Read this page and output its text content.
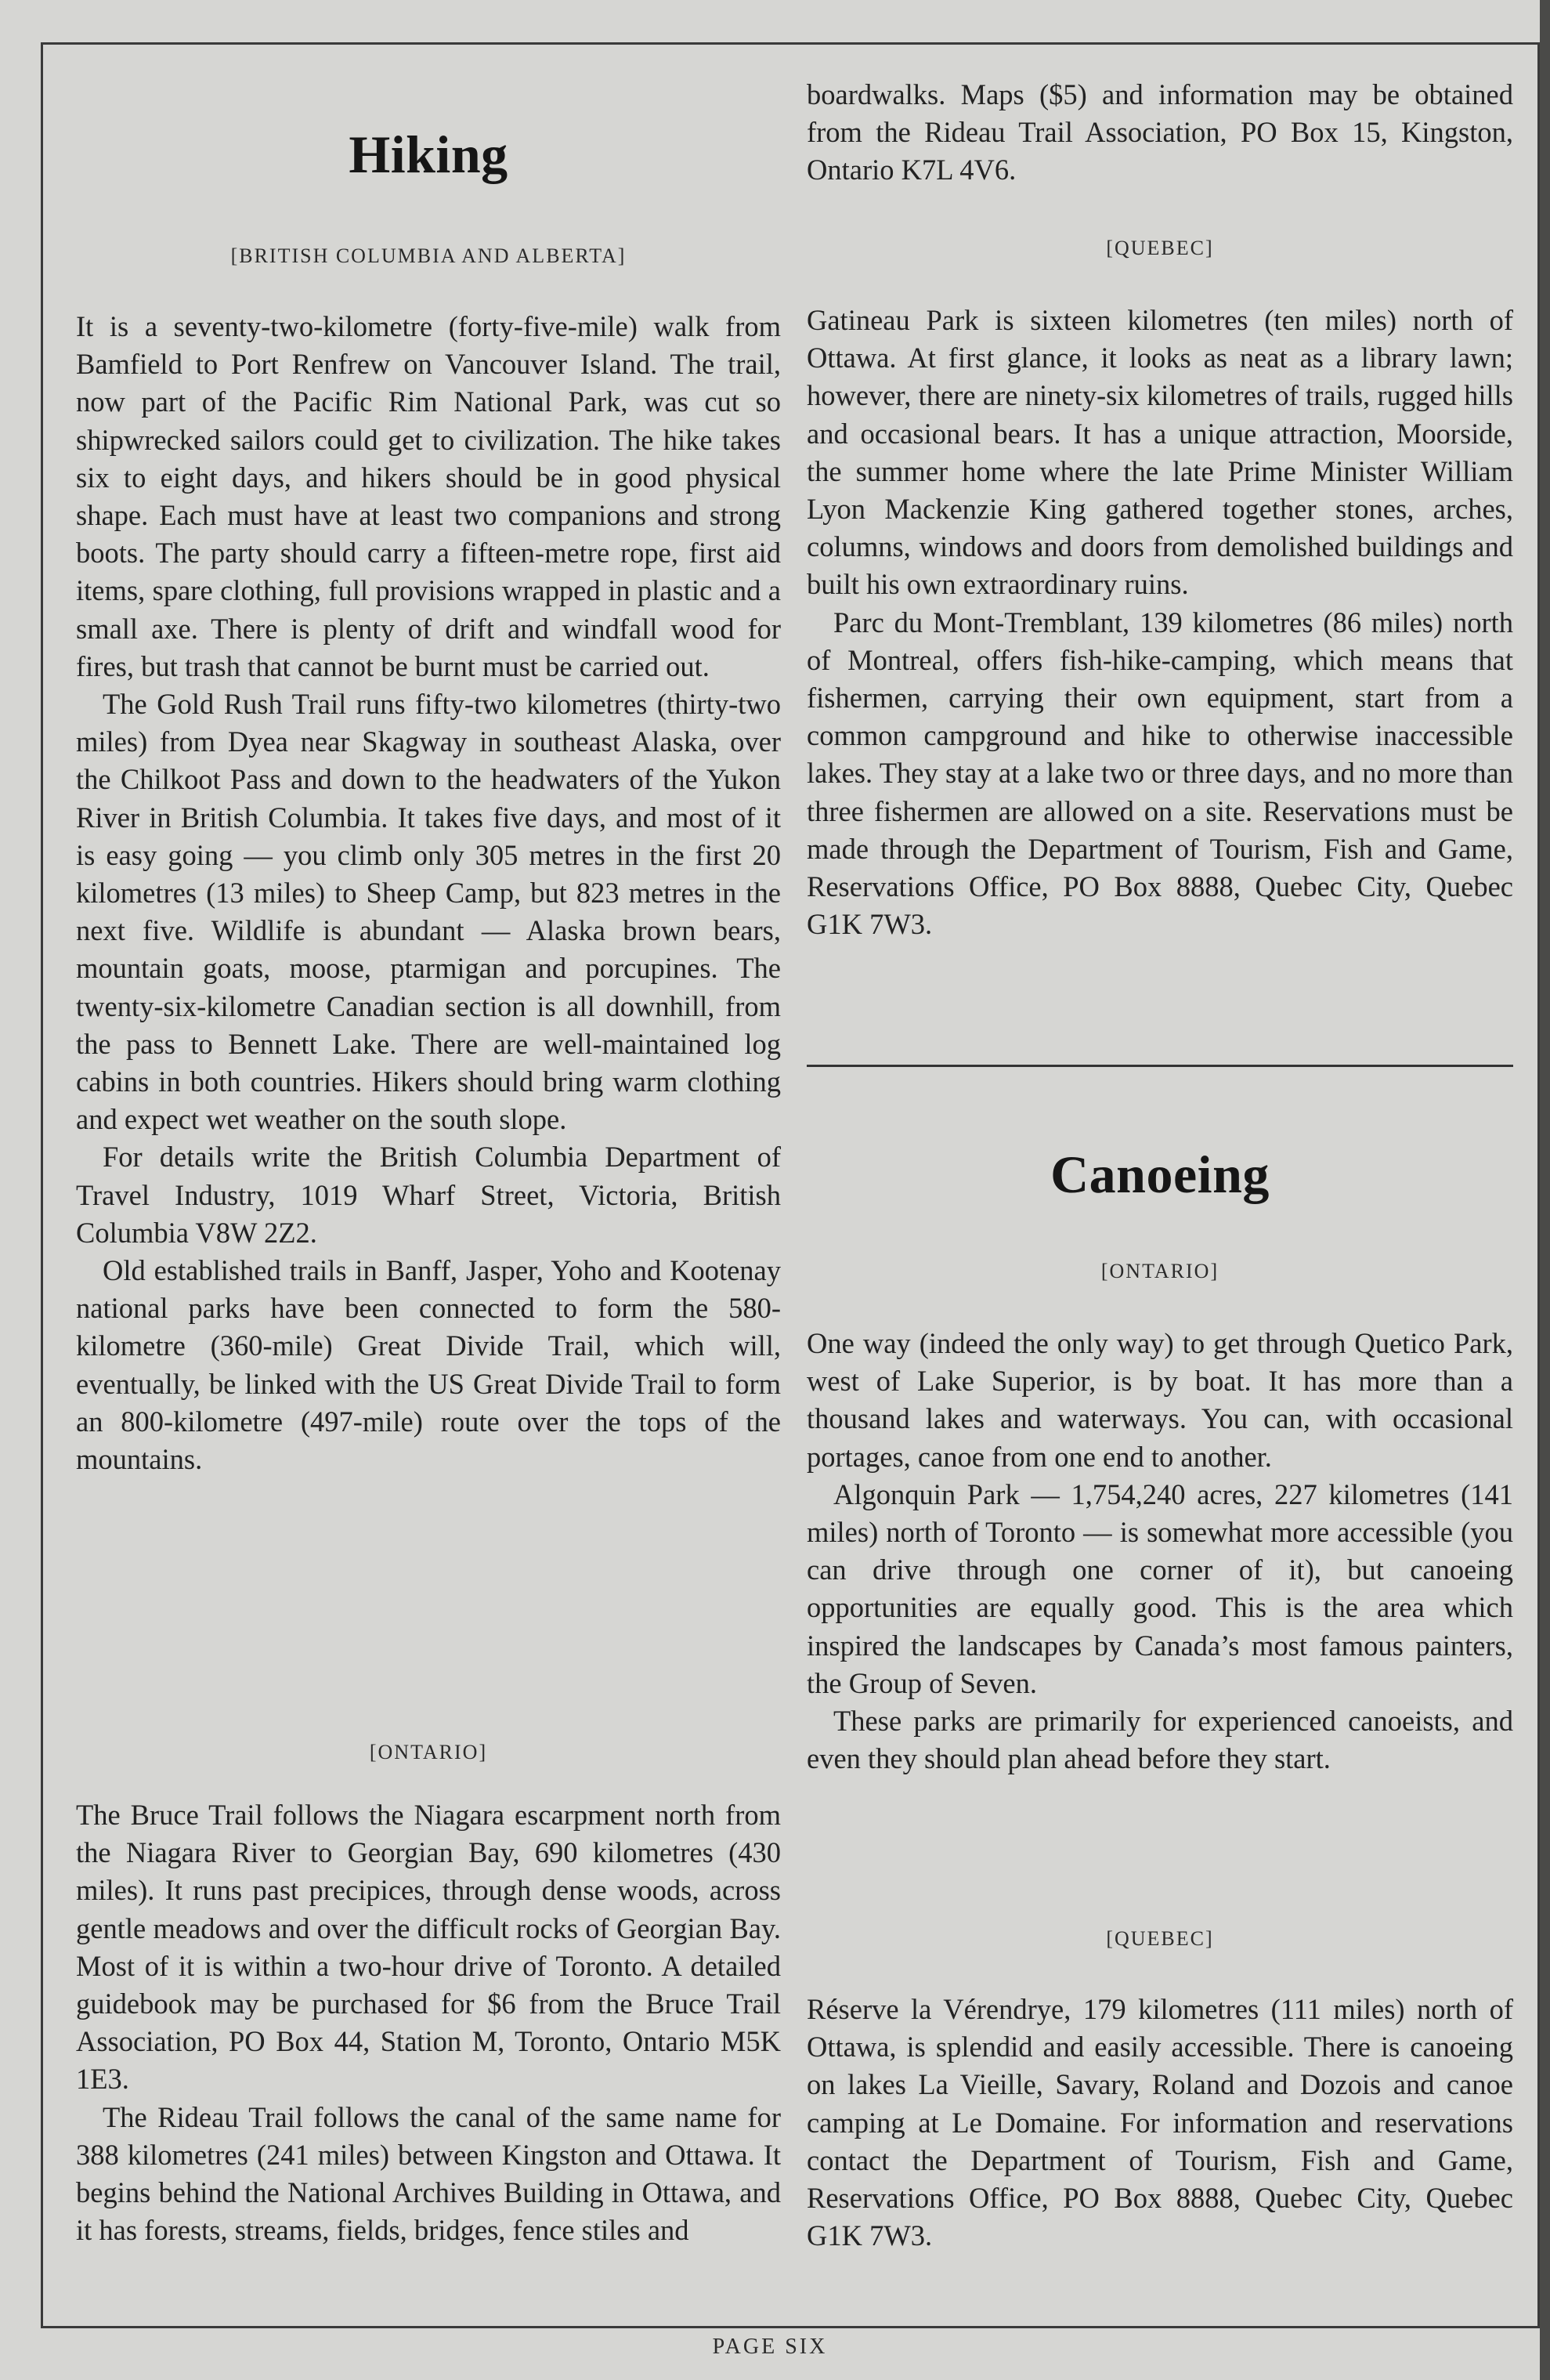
Hiking
[BRITISH COLUMBIA AND ALBERTA]

It is a seventy-two-kilometre (forty-five-mile) walk from Bamfield to Port Renfrew on Vancouver Island. The trail, now part of the Pacific Rim National Park, was cut so shipwrecked sailors could get to civilization. The hike takes six to eight days, and hikers should be in good physical shape. Each must have at least two companions and strong boots. The party should carry a fifteen-metre rope, first aid items, spare clothing, full provisions wrapped in plastic and a small axe. There is plenty of drift and windfall wood for fires, but trash that cannot be burnt must be carried out.

The Gold Rush Trail runs fifty-two kilometres (thirty-two miles) from Dyea near Skagway in southeast Alaska, over the Chilkoot Pass and down to the headwaters of the Yukon River in British Columbia. It takes five days, and most of it is easy going — you climb only 305 metres in the first 20 kilometres (13 miles) to Sheep Camp, but 823 metres in the next five. Wildlife is abundant — Alaska brown bears, mountain goats, moose, ptarmigan and porcupines. The twenty-six-kilometre Canadian section is all downhill, from the pass to Bennett Lake. There are well-maintained log cabins in both countries. Hikers should bring warm clothing and expect wet weather on the south slope.

For details write the British Columbia Department of Travel Industry, 1019 Wharf Street, Victoria, British Columbia V8W 2Z2.

Old established trails in Banff, Jasper, Yoho and Kootenay national parks have been connected to form the 580-kilometre (360-mile) Great Divide Trail, which will, eventually, be linked with the US Great Divide Trail to form an 800-kilometre (497-mile) route over the tops of the mountains.

[ONTARIO]

The Bruce Trail follows the Niagara escarpment north from the Niagara River to Georgian Bay, 690 kilometres (430 miles). It runs past precipices, through dense woods, across gentle meadows and over the difficult rocks of Georgian Bay. Most of it is within a two-hour drive of Toronto. A detailed guidebook may be purchased for $6 from the Bruce Trail Association, PO Box 44, Station M, Toronto, Ontario M5K 1E3.

The Rideau Trail follows the canal of the same name for 388 kilometres (241 miles) between Kingston and Ottawa. It begins behind the National Archives Building in Ottawa, and it has forests, streams, fields, bridges, fence stiles and

boardwalks. Maps ($5) and information may be obtained from the Rideau Trail Association, PO Box 15, Kingston, Ontario K7L 4V6.

[QUEBEC]

Gatineau Park is sixteen kilometres (ten miles) north of Ottawa. At first glance, it looks as neat as a library lawn; however, there are ninety-six kilometres of trails, rugged hills and occasional bears. It has a unique attraction, Moorside, the summer home where the late Prime Minister William Lyon Mackenzie King gathered together stones, arches, columns, windows and doors from demolished buildings and built his own extraordinary ruins.

Parc du Mont-Tremblant, 139 kilometres (86 miles) north of Montreal, offers fish-hike-camping, which means that fishermen, carrying their own equipment, start from a common campground and hike to otherwise inaccessible lakes. They stay at a lake two or three days, and no more than three fishermen are allowed on a site. Reservations must be made through the Department of Tourism, Fish and Game, Reservations Office, PO Box 8888, Quebec City, Quebec G1K 7W3.

Canoeing
[ONTARIO]

One way (indeed the only way) to get through Quetico Park, west of Lake Superior, is by boat. It has more than a thousand lakes and waterways. You can, with occasional portages, canoe from one end to another.

Algonquin Park — 1,754,240 acres, 227 kilometres (141 miles) north of Toronto — is somewhat more accessible (you can drive through one corner of it), but canoeing opportunities are equally good. This is the area which inspired the landscapes by Canada’s most famous painters, the Group of Seven.

These parks are primarily for experienced canoeists, and even they should plan ahead before they start.

[QUEBEC]

Réserve la Vérendrye, 179 kilometres (111 miles) north of Ottawa, is splendid and easily accessible. There is canoeing on lakes La Vieille, Savary, Roland and Dozois and canoe camping at Le Domaine. For information and reservations contact the Department of Tourism, Fish and Game, Reservations Office, PO Box 8888, Quebec City, Quebec G1K 7W3.

PAGE SIX
